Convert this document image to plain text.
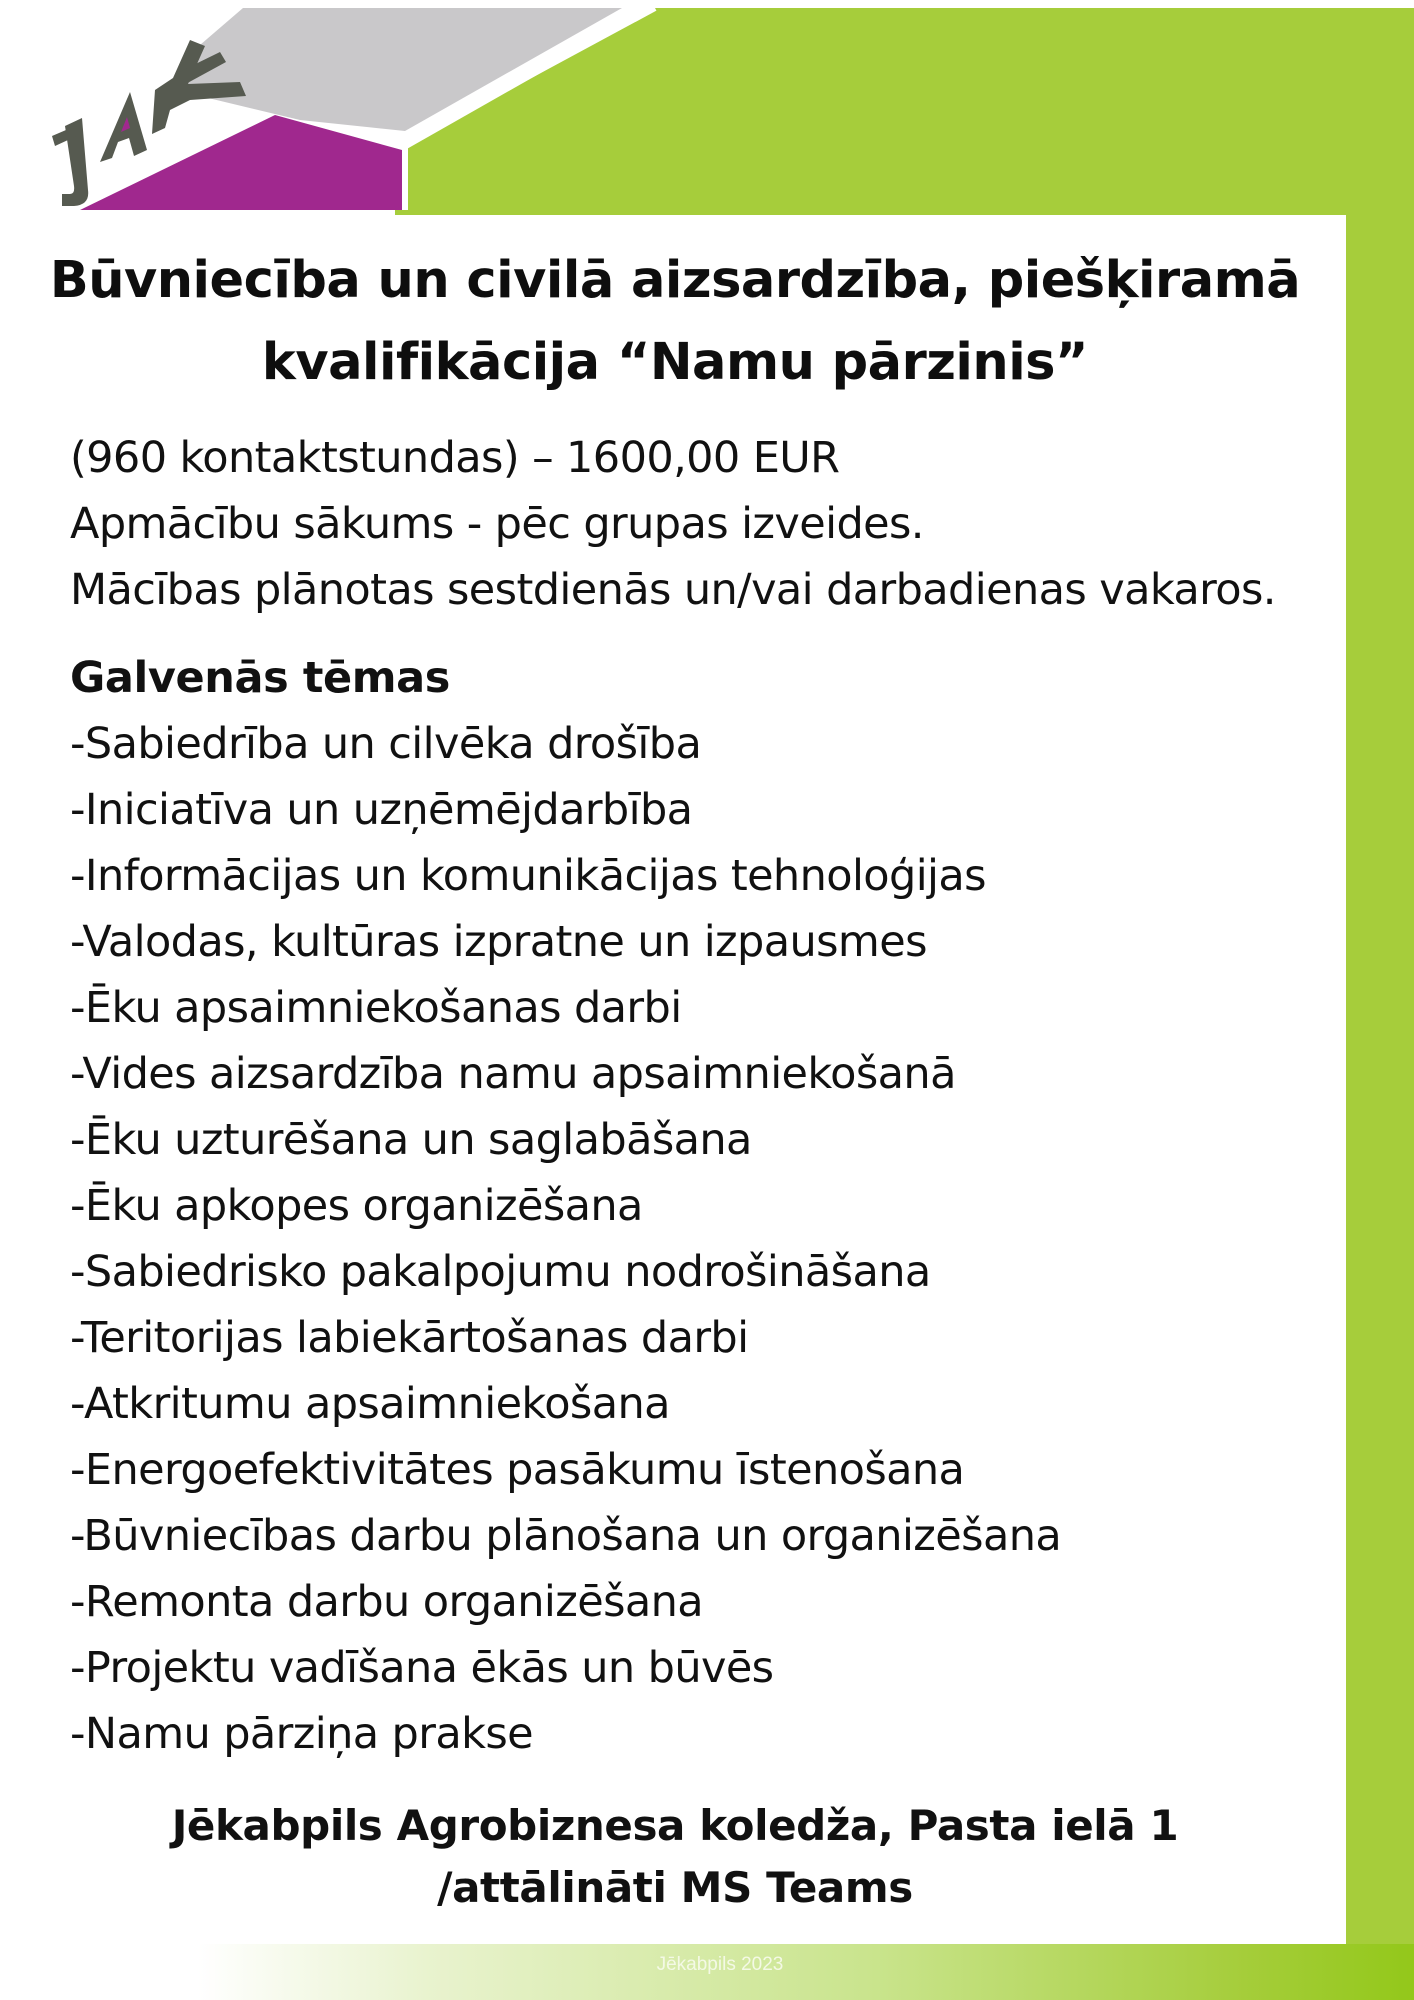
Būvniecība un civilā aizsardzība, piešķiramā
kvalifikācija “Namu pārzinis”
(960 kontaktstundas) – 1600,00 EUR
Apmācību sākums - pēc grupas izveides.
Mācības plānotas sestdienās un/vai darbadienas vakaros.
Galvenās tēmas
-Sabiedrība un cilvēka drošība
-Iniciatīva un uzņēmējdarbība
-Informācijas un komunikācijas tehnoloģijas
-Valodas, kultūras izpratne un izpausmes
-Ēku apsaimniekošanas darbi
-Vides aizsardzība namu apsaimniekošanā
-Ēku uzturēšana un saglabāšana
-Ēku apkopes organizēšana
-Sabiedrisko pakalpojumu nodrošināšana
-Teritorijas labiekārtošanas darbi
-Atkritumu apsaimniekošana
-Energoefektivitātes pasākumu īstenošana
-Būvniecības darbu plānošana un organizēšana
-Remonta darbu organizēšana
-Projektu vadīšana ēkās un būvēs
-Namu pārziņa prakse
Jēkabpils Agrobiznesa koledža, Pasta ielā 1
/attālināti MS Teams
Jēkabpils 2023
